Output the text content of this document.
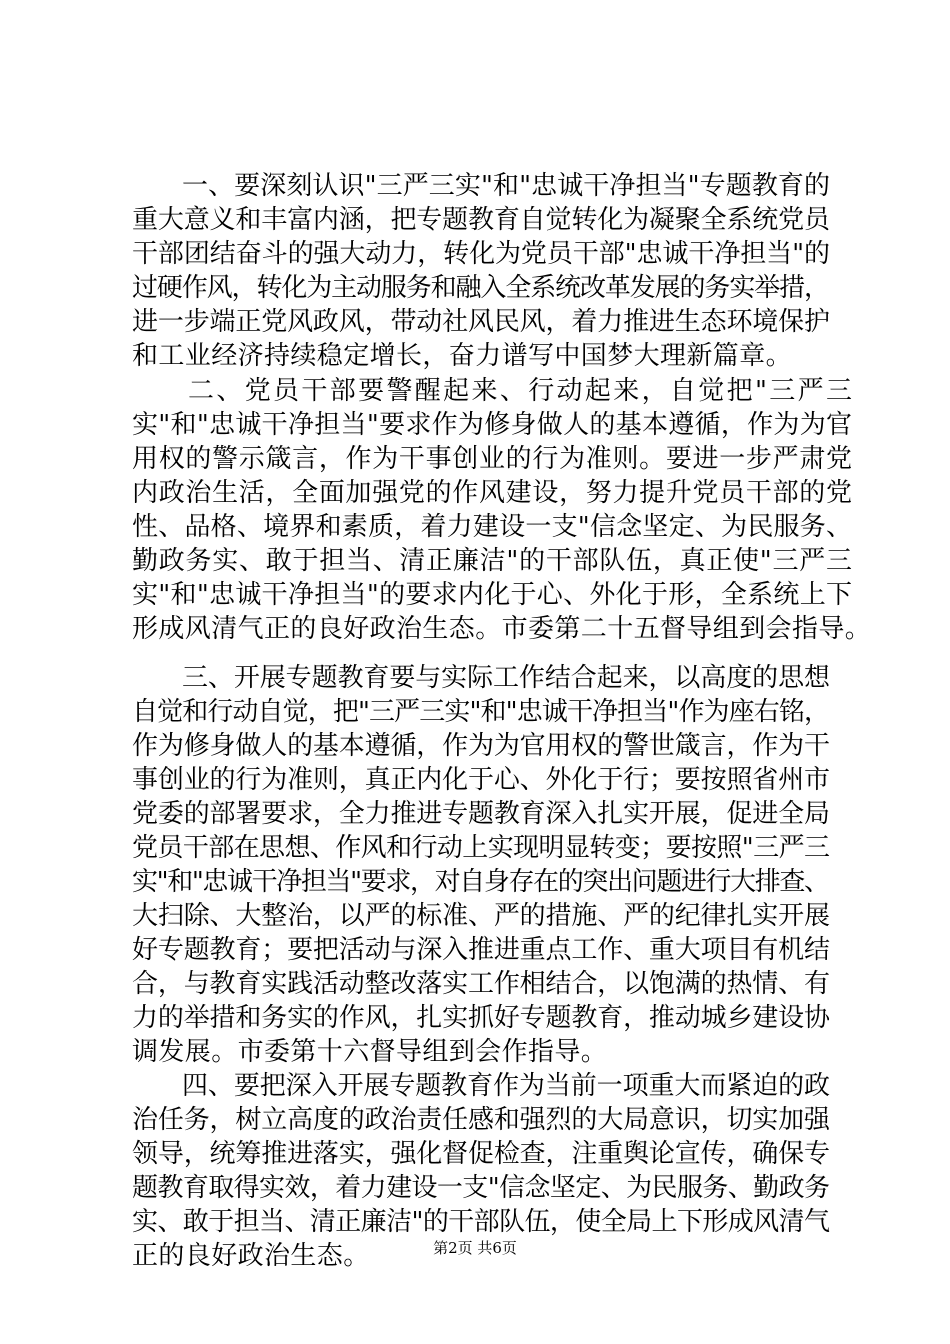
一、要深刻认识"三严三实"和"忠诚干净担当"专题教育的
重大意义和丰富内涵，把专题教育自觉转化为凝聚全系统党员
干部团结奋斗的强大动力，转化为党员干部"忠诚干净担当"的
过硬作风，转化为主动服务和融入全系统改革发展的务实举措，
进一步端正党风政风，带动社风民风，着力推进生态环境保护
和工业经济持续稳定增长，奋力谱写中国梦大理新篇章。
二、党员干部要警醒起来、行动起来，自觉把"三严三
实"和"忠诚干净担当"要求作为修身做人的基本遵循，作为为官
用权的警示箴言，作为干事创业的行为准则。要进一步严肃党
内政治生活，全面加强党的作风建设，努力提升党员干部的党
性、品格、境界和素质，着力建设一支"信念坚定、为民服务、
勤政务实、敢于担当、清正廉洁"的干部队伍，真正使"三严三
实"和"忠诚干净担当"的要求内化于心、外化于形，全系统上下
形成风清气正的良好政治生态。市委第二十五督导组到会指导。
三、开展专题教育要与实际工作结合起来，以高度的思想
自觉和行动自觉，把"三严三实"和"忠诚干净担当"作为座右铭，
作为修身做人的基本遵循，作为为官用权的警世箴言，作为干
事创业的行为准则，真正内化于心、外化于行；要按照省州市
党委的部署要求，全力推进专题教育深入扎实开展，促进全局
党员干部在思想、作风和行动上实现明显转变；要按照"三严三
实"和"忠诚干净担当"要求，对自身存在的突出问题进行大排查、
大扫除、大整治，以严的标准、严的措施、严的纪律扎实开展
好专题教育；要把活动与深入推进重点工作、重大项目有机结
合，与教育实践活动整改落实工作相结合，以饱满的热情、有
力的举措和务实的作风，扎实抓好专题教育，推动城乡建设协
调发展。市委第十六督导组到会作指导。
四、要把深入开展专题教育作为当前一项重大而紧迫的政
治任务，树立高度的政治责任感和强烈的大局意识，切实加强
领导，统筹推进落实，强化督促检查，注重舆论宣传，确保专
题教育取得实效，着力建设一支"信念坚定、为民服务、勤政务
实、敢于担当、清正廉洁"的干部队伍，使全局上下形成风清气
正的良好政治生态。	第2页 共6页
